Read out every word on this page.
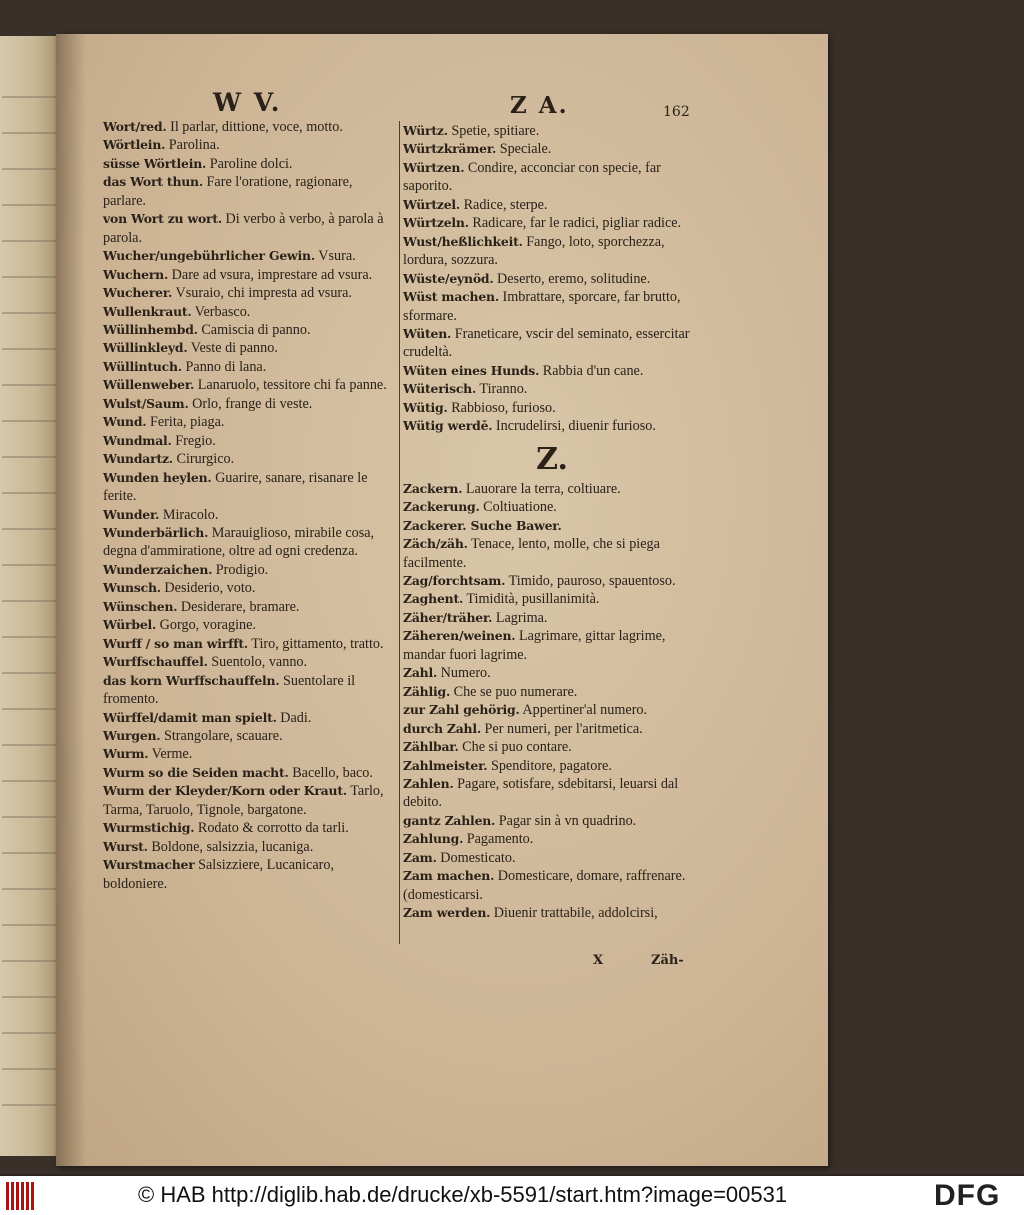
W V.	Z A.	162
Wort/red. Il parlar, dittione, voce, motto.
Wörtlein. Parolina.
süsse Wörtlein. Paroline dolci.
das Wort thun. Fare l'oratione, ragionare, parlare.
von Wort zu wort. Di verbo à verbo, à parola à parola.
Wucher/ungebührlicher Gewin. Vsura.
Wuchern. Dare ad vsura, imprestare ad vsura.
Wucherer. Vsuraio, chi impresta ad vsura.
Wullenkraut. Verbasco.
Wüllinhembd. Camiscia di panno.
Wüllinkleyd. Veste di panno.
Wüllintuch. Panno di lana.
Wüllenweber. Lanaruolo, tessitore chi fa panne.
Wulst/Saum. Orlo, frange di veste.
Wund. Ferita, piaga.
Wundmal. Fregio.
Wundartz. Cirurgico.
Wunden heylen. Guarire, sanare, risanare le ferite.
Wunder. Miracolo.
Wunderbärlich. Marauiglioso, mirabile cosa, degna d'ammiratione, oltre ad ogni credenza.
Wunderzaichen. Prodigio.
Wunsch. Desiderio, voto.
Wünschen. Desiderare, bramare.
Würbel. Gorgo, voragine.
Wurff / so man wirfft. Tiro, gittamento, tratto.
Wurffschauffel. Suentolo, vanno.
das korn Wurffschauffeln. Suentolare il fromento.
Würffel/damit man spielt. Dadi.
Wurgen. Strangolare, scauare.
Wurm. Verme.
Wurm so die Seiden macht. Bacello, baco.
Wurm der Kleyder/Korn oder Kraut. Tarlo, Tarma, Taruolo, Tignole, bargatone.
Wurmstichig. Rodato & corrotto da tarli.
Wurst. Boldone, salsizzia, lucaniga.
Wurstmacher Salsizziere, Lucanicaro, boldoniere.
Würtz. Spetie, spitiare.
Würtzkrämer. Speciale.
Würtzen. Condire, acconciar con specie, far saporito.
Würtzel. Radice, sterpe.
Würtzeln. Radicare, far le radici, pigliar radice.
Wust/heßlichkeit. Fango, loto, sporchezza, lordura, sozzura.
Wüste/eynöd. Deserto, eremo, solitudine.
Wüst machen. Imbrattare, sporcare, far brutto, sformare.
Wüten. Franeticare, vscir del seminato, essercitar crudeltà.
Wüten eines Hunds. Rabbia d'un cane.
Wüterisch. Tiranno.
Wütig. Rabbioso, furioso.
Wütig werdē. Incrudelirsi, diuenir furioso.
Z.
Zackern. Lauorare la terra, coltiuare.
Zackerung. Coltiuatione.
Zackerer. Suche Bawer.
Zäch/zäh. Tenace, lento, molle, che si piega facilmente.
Zag/forchtsam. Timido, pauroso, spauentoso.
Zaghent. Timidità, pusillanimità.
Zäher/träher. Lagrima.
Zäheren/weinen. Lagrimare, gittar lagrime, mandar fuori lagrime.
Zahl. Numero.
Zählig. Che se puo numerare.
zur Zahl gehörig. Appertiner'al numero.
durch Zahl. Per numeri, per l'aritmetica.
Zählbar. Che si puo contare.
Zahlmeister. Spenditore, pagatore.
Zahlen. Pagare, sotisfare, sdebitarsi, leuarsi dal debito.
gantz Zahlen. Pagar sin à vn quadrino.
Zahlung. Pagamento.
Zam. Domesticato.
Zam machen. Domesticare, domare, raffrenare. (domesticarsi.
Zam werden. Diuenir trattabile, addolcirsi,
X	Zäh-
© HAB http://diglib.hab.de/drucke/xb-5591/start.htm?image=00531	DFG
